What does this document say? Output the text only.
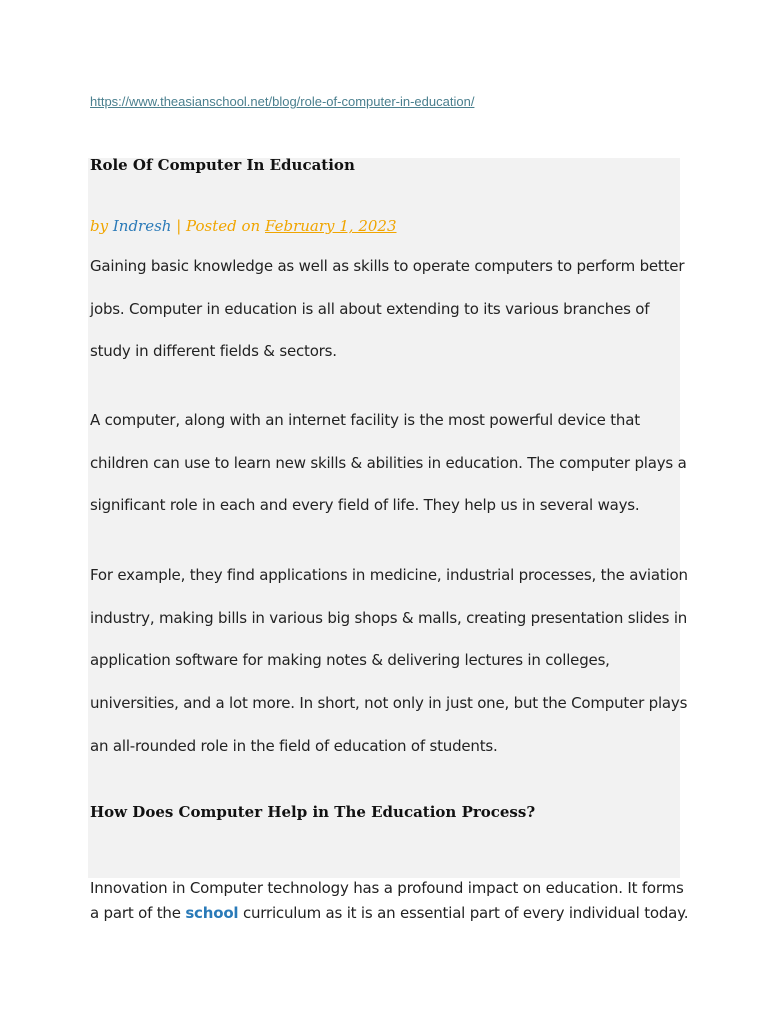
https://www.theasianschool.net/blog/role-of-computer-in-education/
Role Of Computer In Education
by Indresh | Posted on February 1, 2023

Gaining basic knowledge as well as skills to operate computers to perform better jobs. Computer in education is all about extending to its various branches of study in different fields & sectors.

A computer, along with an internet facility is the most powerful device that children can use to learn new skills & abilities in education. The computer plays a significant role in each and every field of life. They help us in several ways.

For example, they find applications in medicine, industrial processes, the aviation industry, making bills in various big shops & malls, creating presentation slides in application software for making notes & delivering lectures in colleges, universities, and a lot more. In short, not only in just one, but the Computer plays an all-rounded role in the field of education of students.

How Does Computer Help in The Education Process?

Innovation in Computer technology has a profound impact on education. It forms a part of the school curriculum as it is an essential part of every individual today.
